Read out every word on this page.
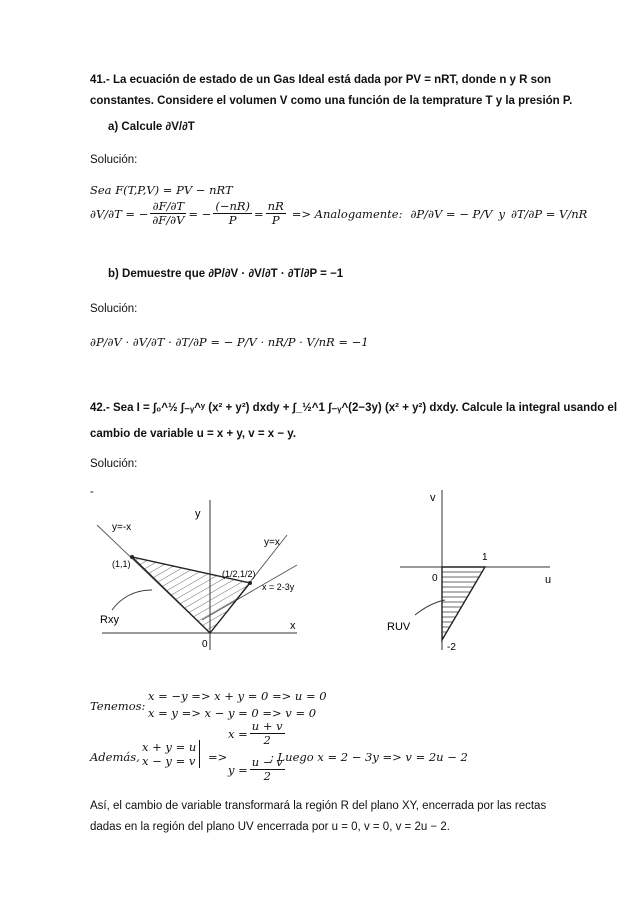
41.- La ecuación de estado de un Gas Ideal está dada por PV = nRT, donde n y R son
constantes. Considere el volumen V como una función de la temprature T y la presión P.
a) Calcule ∂V/∂T
Solución:
Sea F(T,P,V) = PV − nRT
∂V/∂T = − $\frac{\partial F/\partial T}{\partial F/\partial V}$ = − $\frac{(-nR)}{P} = \frac{nR}{P}$ => Analogamente: ∂P/∂V = − P/V y ∂T/∂P = V/nR
b) Demuestre que ∂P/∂V · ∂V/∂T · ∂T/∂P = −1
Solución:
∂P/∂V · ∂V/∂T · ∂T/∂P = − P/V · nR/P · V/nR = −1
42.- Sea I = ∫₀^½ ∫₋ᵧ^ʸ (x² + y²) dxdy + ∫_½^1 ∫₋ᵧ^(2−3y) (x² + y²) dxdy. Calcule la integral usando el
cambio de variable u = x + y, v = x − y.
Solución:
-
y=-x
y=x
y
x
(1,1)
(1/2,1/2)
x = 2-3y
Rxy
0
v
u
0
1
-2
RUV
Tenemos:
x = −y => x + y = 0 => u = 0
x = y => x − y = 0 => v = 0
Además,
x + y = u
x − y = v =>
$x = \frac{u + v}{2}$
$y = \frac{u - v}{2}$
; Luego x = 2 − 3y => v = 2u − 2
Así, el cambio de variable transformará la región R del plano XY, encerrada por las rectas
dadas en la región del plano UV encerrada por u = 0, v = 0, v = 2u − 2.
